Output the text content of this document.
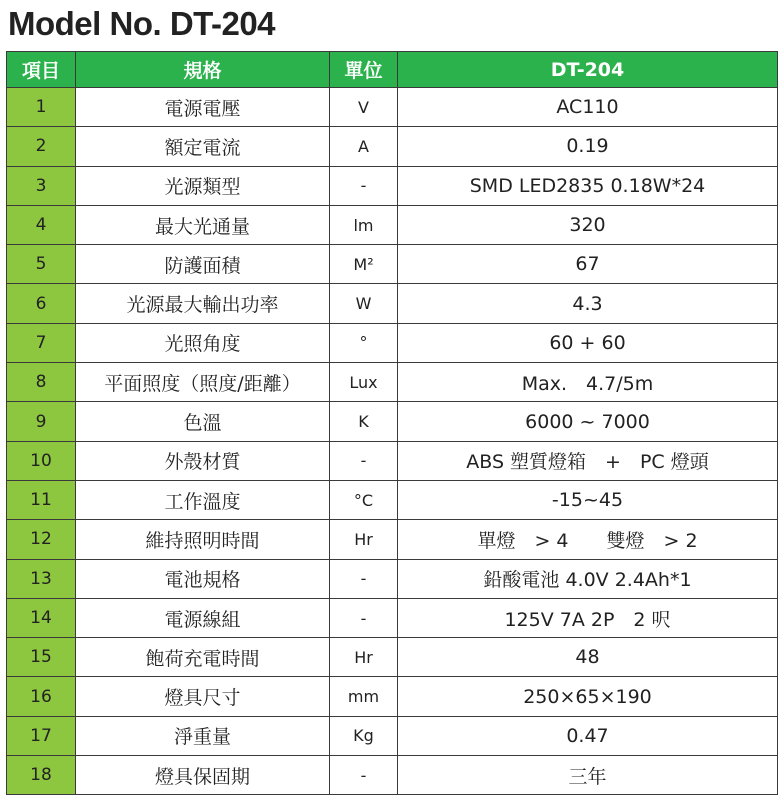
Model No. DT-204
項目	規格	單位	DT-204
1	電源電壓	V	AC110
2	額定電流	A	0.19
3	光源類型	-	SMD LED2835 0.18W*24
4	最大光通量	lm	320
5	防護面積	M²	67
6	光源最大輸出功率	W	4.3
7	光照角度	°	60 + 60
8	平面照度（照度/距離）	Lux	Max.　4.7/5m
9	色溫	K	6000 ~ 7000
10	外殼材質	-	ABS 塑質燈箱　+　PC 燈頭
11	工作溫度	°C	-15~45
12	維持照明時間	Hr	單燈　> 4　　雙燈　> 2
13	電池規格	-	鉛酸電池 4.0V 2.4Ah*1
14	電源線組	-	125V 7A 2P　2 呎
15	飽荷充電時間	Hr	48
16	燈具尺寸	mm	250×65×190
17	淨重量	Kg	0.47
18	燈具保固期	-	三年
